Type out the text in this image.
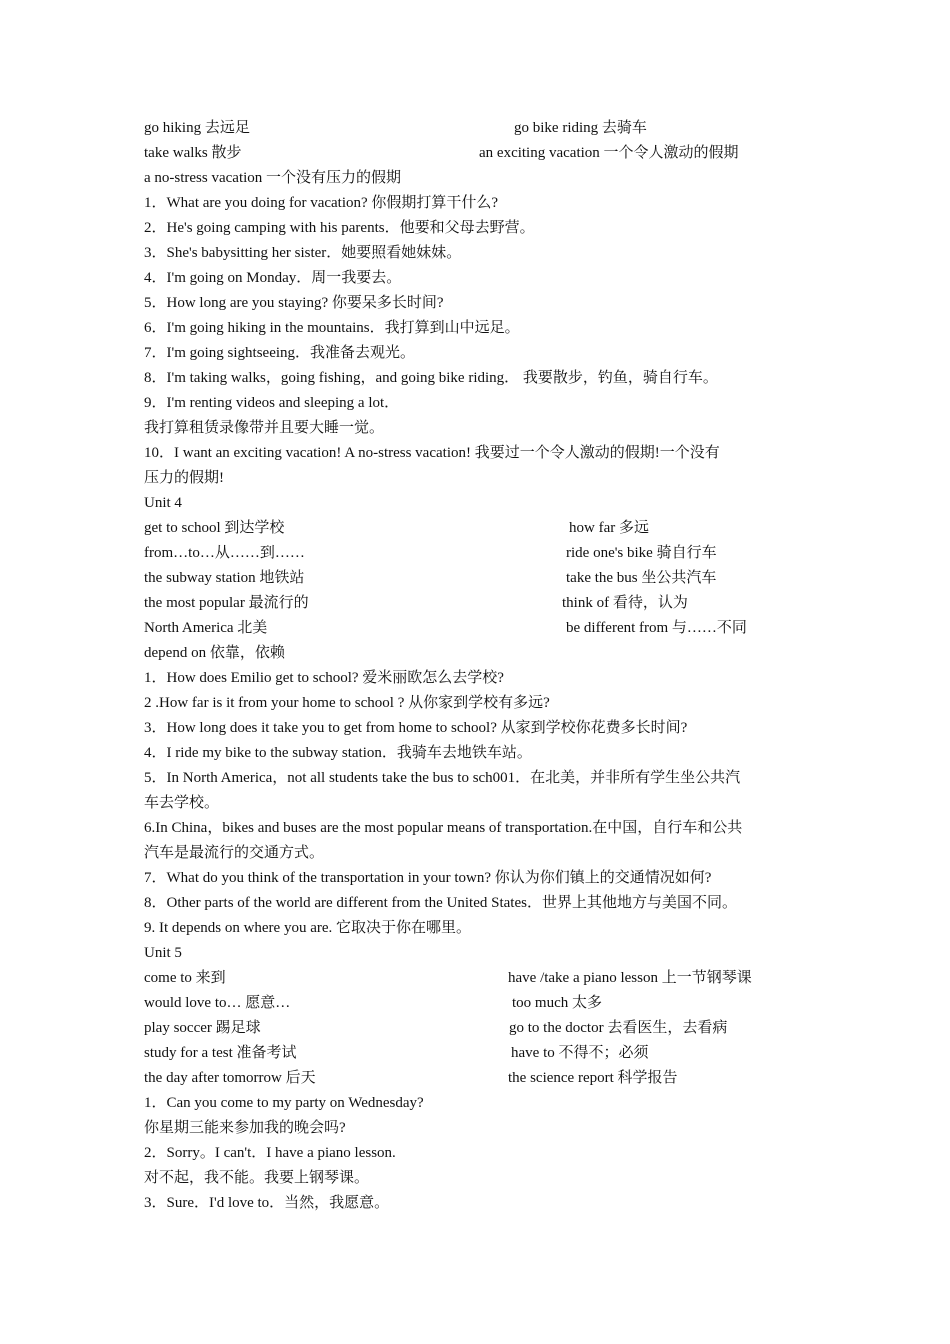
go hiking 去远足	go bike riding 去骑车
take walks 散步	an exciting vacation 一个令人激动的假期
a no-stress vacation 一个没有压力的假期
1．What are you doing for vacation? 你假期打算干什么?
2．He's going camping with his parents．他要和父母去野营。
3．She's babysitting her sister．她要照看她妹妹。
4．I'm going on Monday．周一我要去。
5．How long are you staying? 你要呆多长时间?
6．I'm going hiking in the mountains．我打算到山中远足。
7．I'm going sightseeing．我准备去观光。
8．I'm taking walks，going fishing，and going bike riding． 我要散步，钓鱼，骑自行车。
9．I'm renting videos and sleeping a lot．
我打算租赁录像带并且要大睡一觉。
10．I want an exciting vacation! A no-stress vacation! 我要过一个令人激动的假期!一个没有
压力的假期!
Unit 4
get to school 到达学校	how far 多远
from…to…从……到……	ride one's bike 骑自行车
the subway station 地铁站	take the bus 坐公共汽车
the most popular 最流行的	think of 看待，认为
North America 北美	be different from 与……不同
depend on 依靠，依赖
1．How does Emilio get to school? 爱米丽欧怎么去学校?
2 .How far is it from your home to school ? 从你家到学校有多远?
3．How long does it take you to get from home to school? 从家到学校你花费多长时间?
4．I ride my bike to the subway station．我骑车去地铁车站。
5．In North America，not all students take the bus to sch001．在北美，并非所有学生坐公共汽
车去学校。
6.In China，bikes and buses are the most popular means of transportation.在中国，自行车和公共
汽车是最流行的交通方式。
7．What do you think of the transportation in your town? 你认为你们镇上的交通情况如何?
8．Other parts of the world are different from the United States．世界上其他地方与美国不同。
9. It depends on where you are. 它取决于你在哪里。
Unit 5
come to 来到	have /take a piano lesson 上一节钢琴课
would love to… 愿意…	too much 太多
play soccer 踢足球	go to the doctor 去看医生，去看病
study for a test 准备考试	have to 不得不；必须
the day after tomorrow 后天	the science report 科学报告
1．Can you come to my party on Wednesday?
你星期三能来参加我的晚会吗?
2．Sorry。I can't．I have a piano lesson.
对不起，我不能。我要上钢琴课。
3．Sure．I'd love to．当然，我愿意。
